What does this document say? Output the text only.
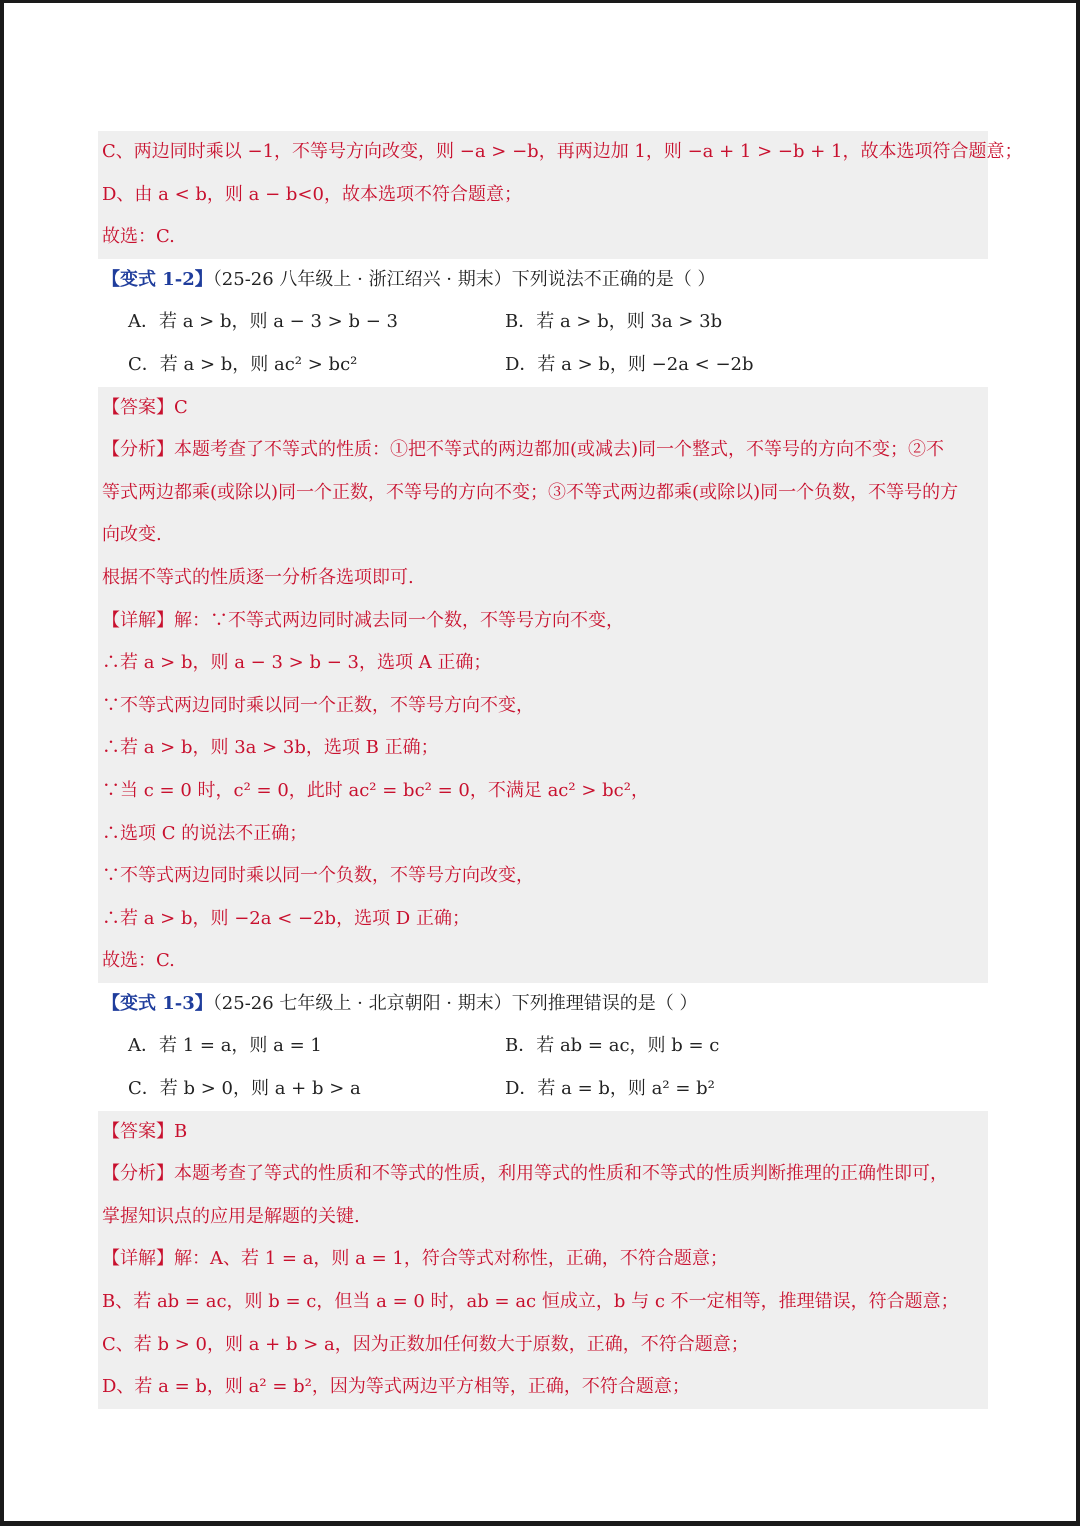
C、两边同时乘以 −1，不等号方向改变，则 −a > −b，再两边加 1，则 −a + 1 > −b + 1，故本选项符合题意；
D、由 a < b，则 a − b<0，故本选项不符合题意；
故选：C.
【变式 1-2】（25-26 八年级上 · 浙江绍兴 · 期末）下列说法不正确的是（ ）
A．若 a > b，则 a − 3 > b − 3	B．若 a > b，则 3a > 3b
C．若 a > b，则 ac² > bc²	D．若 a > b，则 −2a < −2b
【答案】C
【分析】本题考查了不等式的性质：①把不等式的两边都加(或减去)同一个整式，不等号的方向不变；②不
等式两边都乘(或除以)同一个正数，不等号的方向不变；③不等式两边都乘(或除以)同一个负数，不等号的方
向改变.
根据不等式的性质逐一分析各选项即可.
【详解】解：∵不等式两边同时减去同一个数，不等号方向不变，
∴若 a > b，则 a − 3 > b − 3，选项 A 正确；
∵不等式两边同时乘以同一个正数，不等号方向不变，
∴若 a > b，则 3a > 3b，选项 B 正确；
∵当 c = 0 时，c² = 0，此时 ac² = bc² = 0，不满足 ac² > bc²，
∴选项 C 的说法不正确；
∵不等式两边同时乘以同一个负数，不等号方向改变，
∴若 a > b，则 −2a < −2b，选项 D 正确；
故选：C.
【变式 1-3】（25-26 七年级上 · 北京朝阳 · 期末）下列推理错误的是（ ）
A．若 1 = a，则 a = 1	B．若 ab = ac，则 b = c
C．若 b > 0，则 a + b > a	D．若 a = b，则 a² = b²
【答案】B
【分析】本题考查了等式的性质和不等式的性质，利用等式的性质和不等式的性质判断推理的正确性即可，
掌握知识点的应用是解题的关键.
【详解】解：A、若 1 = a，则 a = 1，符合等式对称性，正确，不符合题意；
B、若 ab = ac，则 b = c，但当 a = 0 时，ab = ac 恒成立，b 与 c 不一定相等，推理错误，符合题意；
C、若 b > 0，则 a + b > a，因为正数加任何数大于原数，正确，不符合题意；
D、若 a = b，则 a² = b²，因为等式两边平方相等，正确，不符合题意；
